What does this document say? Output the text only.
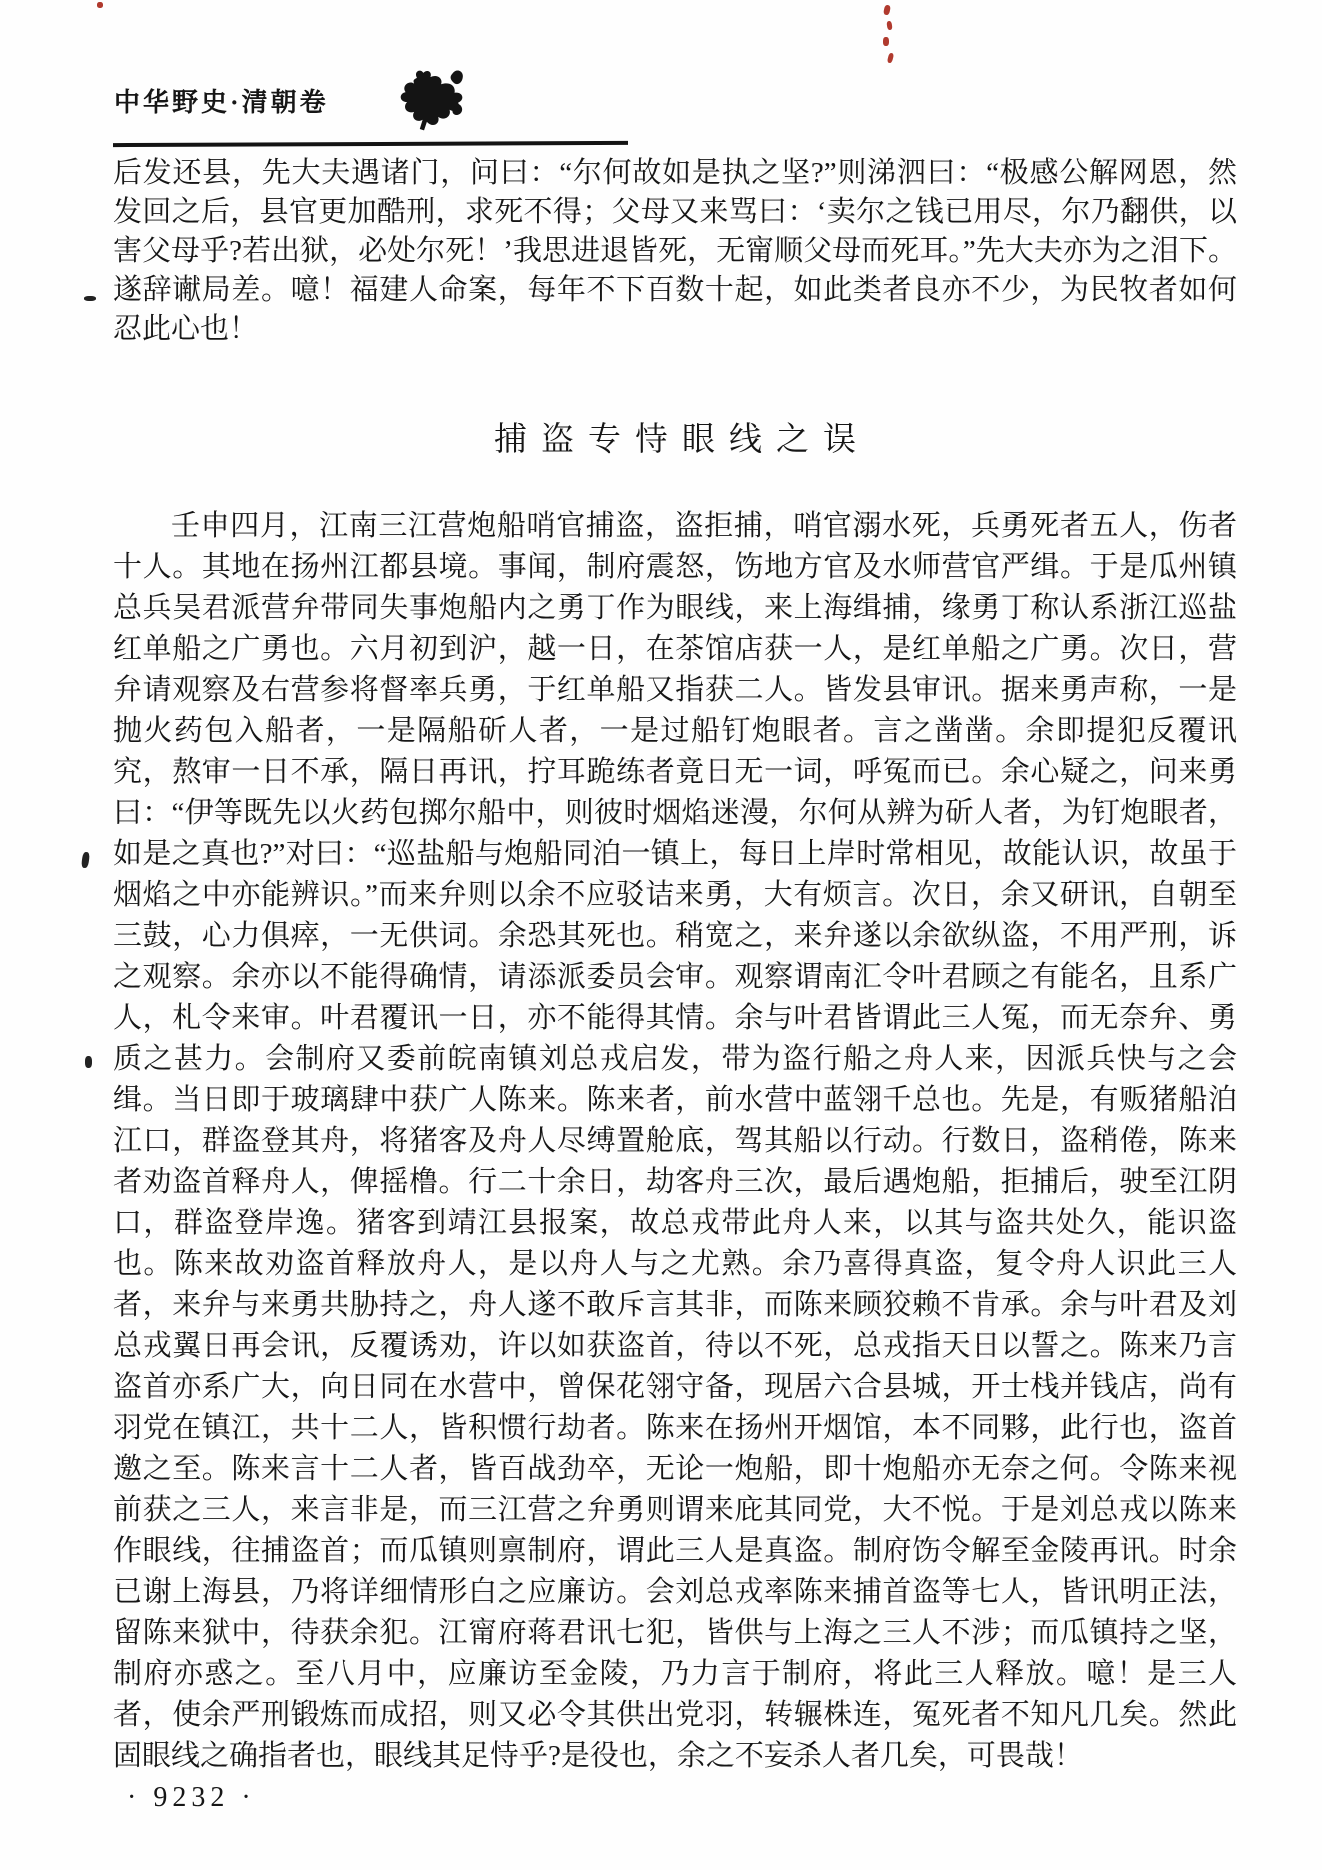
中华野史·清朝卷

后发还县，先大夫遇诸门，问曰：“尔何故如是执之坚?”则涕泗曰：“极感公解网恩，然发回之后，县官更加酷刑，求死不得；父母又来骂曰：‘卖尔之钱已用尽，尔乃翻供，以害父母乎?若出狱，必处尔死！’我思进退皆死，无甯顺父母而死耳。”先大夫亦为之泪下。遂辞谳局差。噫！福建人命案，每年不下百数十起，如此类者良亦不少，为民牧者如何忍此心也！

捕盗专恃眼线之误

壬申四月，江南三江营炮船哨官捕盗，盗拒捕，哨官溺水死，兵勇死者五人，伤者十人。其地在扬州江都县境。事闻，制府震怒，饬地方官及水师营官严缉。于是瓜州镇总兵吴君派营弁带同失事炮船内之勇丁作为眼线，来上海缉捕，缘勇丁称认系浙江巡盐红单船之广勇也。六月初到沪，越一日，在茶馆店获一人，是红单船之广勇。次日，营弁请观察及右营参将督率兵勇，于红单船又指获二人。皆发县审讯。据来勇声称，一是抛火药包入船者，一是隔船斫人者，一是过船钉炮眼者。言之凿凿。余即提犯反覆讯究，熬审一日不承，隔日再讯，拧耳跪练者竟日无一词，呼冤而已。余心疑之，问来勇曰：“伊等既先以火药包掷尔船中，则彼时烟焰迷漫，尔何从辨为斫人者，为钉炮眼者，如是之真也?”对曰：“巡盐船与炮船同泊一镇上，每日上岸时常相见，故能认识，故虽于烟焰之中亦能辨识。”而来弁则以余不应驳诘来勇，大有烦言。次日，余又研讯，自朝至三鼓，心力俱瘁，一无供词。余恐其死也。稍宽之，来弁遂以余欲纵盗，不用严刑，诉之观察。余亦以不能得确情，请添派委员会审。观察谓南汇令叶君顾之有能名，且系广人，札令来审。叶君覆讯一日，亦不能得其情。余与叶君皆谓此三人冤，而无奈弁、勇质之甚力。会制府又委前皖南镇刘总戎启发，带为盗行船之舟人来，因派兵快与之会缉。当日即于玻璃肆中获广人陈来。陈来者，前水营中蓝翎千总也。先是，有贩猪船泊江口，群盗登其舟，将猪客及舟人尽缚置舱底，驾其船以行动。行数日，盗稍倦，陈来者劝盗首释舟人，俾摇橹。行二十余日，劫客舟三次，最后遇炮船，拒捕后，驶至江阴口，群盗登岸逸。猪客到靖江县报案，故总戎带此舟人来，以其与盗共处久，能识盗也。陈来故劝盗首释放舟人，是以舟人与之尤熟。余乃喜得真盗，复令舟人识此三人者，来弁与来勇共胁持之，舟人遂不敢斥言其非，而陈来顾狡赖不肯承。余与叶君及刘总戎翼日再会讯，反覆诱劝，许以如获盗首，待以不死，总戎指天日以誓之。陈来乃言盗首亦系广大，向日同在水营中，曾保花翎守备，现居六合县城，开士栈并钱店，尚有羽党在镇江，共十二人，皆积惯行劫者。陈来在扬州开烟馆，本不同夥，此行也，盗首邀之至。陈来言十二人者，皆百战劲卒，无论一炮船，即十炮船亦无奈之何。令陈来视前获之三人，来言非是，而三江营之弁勇则谓来庇其同党，大不悦。于是刘总戎以陈来作眼线，往捕盗首；而瓜镇则禀制府，谓此三人是真盗。制府饬令解至金陵再讯。时余已谢上海县，乃将详细情形白之应廉访。会刘总戎率陈来捕首盗等七人，皆讯明正法，留陈来狱中，待获余犯。江甯府蒋君讯七犯，皆供与上海之三人不涉；而瓜镇持之坚，制府亦惑之。至八月中，应廉访至金陵，乃力言于制府，将此三人释放。噫！是三人者，使余严刑锻炼而成招，则又必令其供出党羽，转辗株连，冤死者不知凡几矣。然此固眼线之确指者也，眼线其足恃乎?是役也，余之不妄杀人者几矣，可畏哉！

· 9232 ·
